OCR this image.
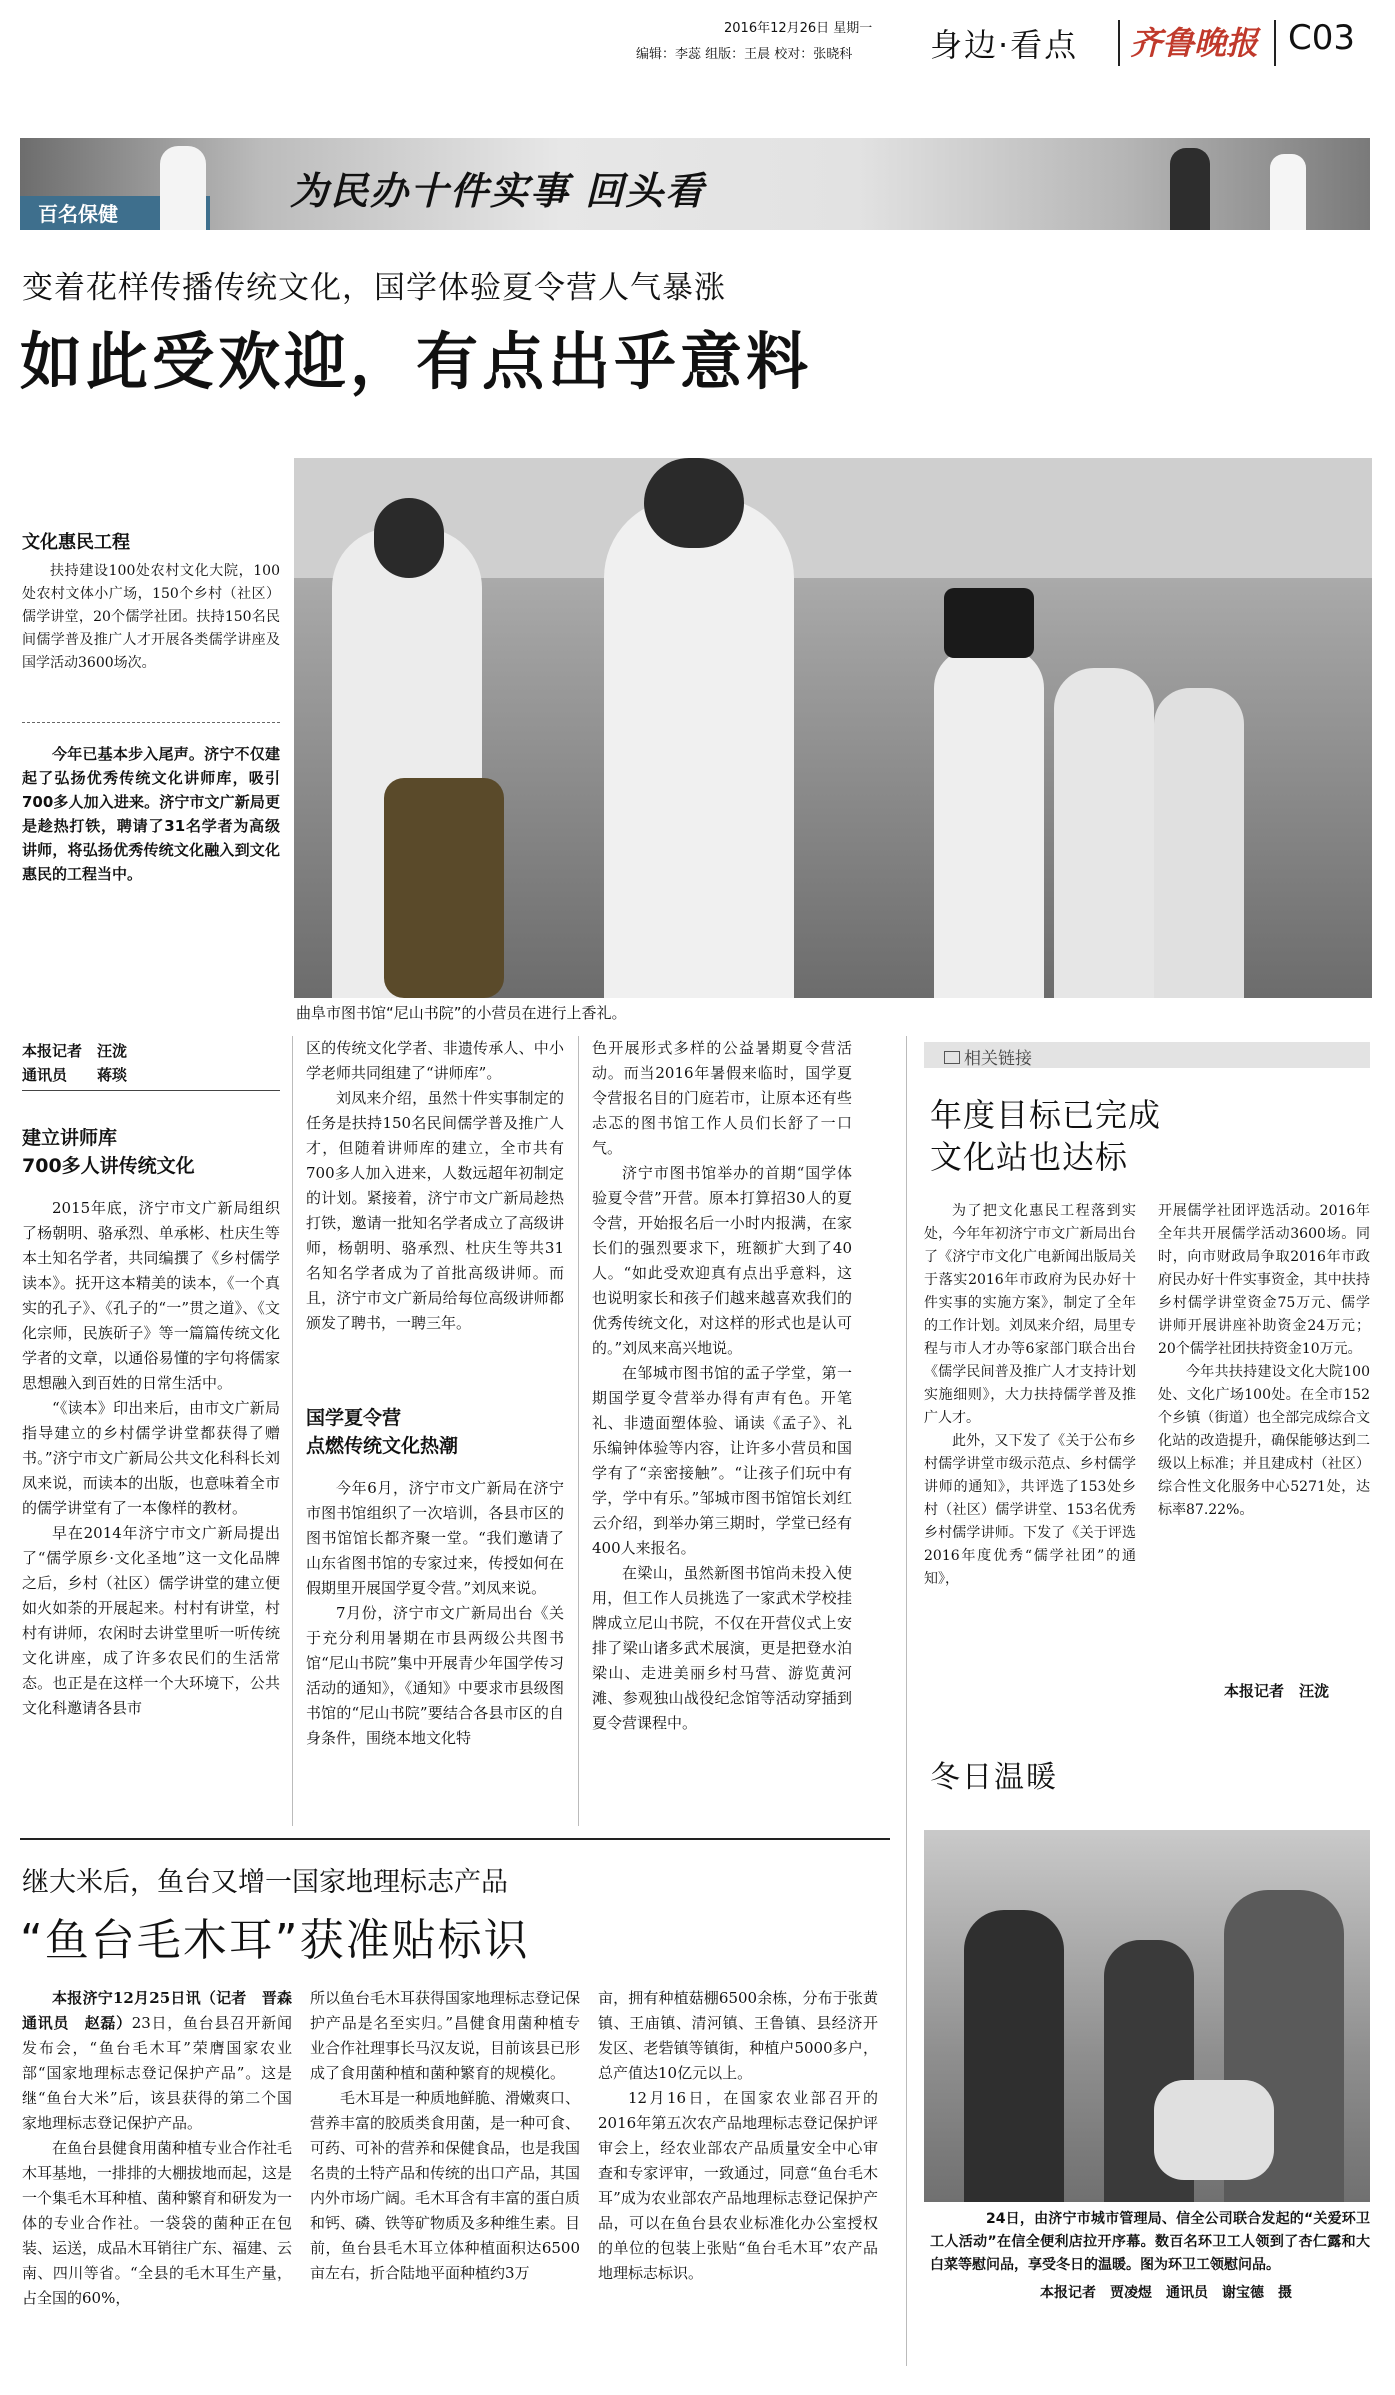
2016年12月26日 星期一
编辑：李蕊 组版：王晨 校对：张晓科 身边·看点 齐鲁晚报 C03
百名保健
为民办十件实事 回头看
变着花样传播传统文化，国学体验夏令营人气暴涨
如此受欢迎，有点出乎意料
文化惠民工程
扶持建设100处农村文化大院，100处农村文体小广场，150个乡村（社区）儒学讲堂，20个儒学社团。扶持150名民间儒学普及推广人才开展各类儒学讲座及国学活动3600场次。
今年已基本步入尾声。济宁不仅建起了弘扬优秀传统文化讲师库，吸引700多人加入进来。济宁市文广新局更是趁热打铁，聘请了31名学者为高级讲师，将弘扬优秀传统文化融入到文化惠民的工程当中。
曲阜市图书馆“尼山书院”的小营员在进行上香礼。
本报记者　汪泷
通讯员　　蒋琰
建立讲师库
700多人讲传统文化

2015年底，济宁市文广新局组织了杨朝明、骆承烈、单承彬、杜庆生等本土知名学者，共同编撰了《乡村儒学读本》。抚开这本精美的读本，《一个真实的孔子》、《孔子的“一”贯之道》、《文化宗师，民族斫子》等一篇篇传统文化学者的文章，以通俗易懂的字句将儒家思想融入到百姓的日常生活中。

“《读本》印出来后，由市文广新局指导建立的乡村儒学讲堂都获得了赠书。”济宁市文广新局公共文化科科长刘凤来说，而读本的出版，也意味着全市的儒学讲堂有了一本像样的教材。

早在2014年济宁市文广新局提出了“儒学原乡·文化圣地”这一文化品牌之后，乡村（社区）儒学讲堂的建立便如火如荼的开展起来。村村有讲堂，村村有讲师，农闲时去讲堂里听一听传统文化讲座，成了许多农民们的生活常态。也正是在这样一个大环境下，公共文化科邀请各县市

区的传统文化学者、非遗传承人、中小学老师共同组建了“讲师库”。

刘凤来介绍，虽然十件实事制定的任务是扶持150名民间儒学普及推广人才，但随着讲师库的建立，全市共有700多人加入进来，人数远超年初制定的计划。紧接着，济宁市文广新局趁热打铁，邀请一批知名学者成立了高级讲师，杨朝明、骆承烈、杜庆生等共31名知名学者成为了首批高级讲师。而且，济宁市文广新局给每位高级讲师都颁发了聘书，一聘三年。

国学夏令营
点燃传统文化热潮

今年6月，济宁市文广新局在济宁市图书馆组织了一次培训，各县市区的图书馆馆长都齐聚一堂。“我们邀请了山东省图书馆的专家过来，传授如何在假期里开展国学夏令营。”刘凤来说。

7月份，济宁市文广新局出台《关于充分利用暑期在市县两级公共图书馆“尼山书院”集中开展青少年国学传习活动的通知》，《通知》中要求市县级图书馆的“尼山书院”要结合各县市区的自身条件，围绕本地文化特

色开展形式多样的公益暑期夏令营活动。而当2016年暑假来临时，国学夏令营报名目的门庭若市，让原本还有些忐忑的图书馆工作人员们长舒了一口气。

济宁市图书馆举办的首期“国学体验夏令营”开营。原本打算招30人的夏令营，开始报名后一小时内报满，在家长们的强烈要求下，班额扩大到了40人。“如此受欢迎真有点出乎意料，这也说明家长和孩子们越来越喜欢我们的优秀传统文化，对这样的形式也是认可的。”刘凤来高兴地说。

在邹城市图书馆的孟子学堂，第一期国学夏令营举办得有声有色。开笔礼、非遗面塑体验、诵读《孟子》、礼乐编钟体验等内容，让许多小营员和国学有了“亲密接触”。“让孩子们玩中有学，学中有乐。”邹城市图书馆馆长刘红云介绍，到举办第三期时，学堂已经有400人来报名。

在梁山，虽然新图书馆尚未投入使用，但工作人员挑选了一家武术学校挂牌成立尼山书院，不仅在开营仪式上安排了梁山诸多武术展演，更是把登水泊梁山、走进美丽乡村马营、游览黄河滩、参观独山战役纪念馆等活动穿插到夏令营课程中。

相关链接
年度目标已完成
文化站也达标

为了把文化惠民工程落到实处，今年年初济宁市文广新局出台了《济宁市文化广电新闻出版局关于落实2016年市政府为民办好十件实事的实施方案》，制定了全年的工作计划。刘凤来介绍，局里专程与市人才办等6家部门联合出台《儒学民间普及推广人才支持计划实施细则》，大力扶持儒学普及推广人才。

此外，又下发了《关于公布乡村儒学讲堂市级示范点、乡村儒学讲师的通知》，共评选了153处乡村（社区）儒学讲堂、153名优秀乡村儒学讲师。下发了《关于评选2016年度优秀“儒学社团”的通知》，

开展儒学社团评选活动。2016年全年共开展儒学活动3600场。同时，向市财政局争取2016年市政府民办好十件实事资金，其中扶持乡村儒学讲堂资金75万元、儒学讲师开展讲座补助资金24万元；20个儒学社团扶持资金10万元。

今年共扶持建设文化大院100处、文化广场100处。在全市152个乡镇（街道）也全部完成综合文化站的改造提升，确保能够达到二级以上标准；并且建成村（社区）综合性文化服务中心5271处，达标率87.22%。

本报记者　汪泷
冬日温暖
24日，由济宁市城市管理局、信全公司联合发起的“关爱环卫工人活动”在信全便利店拉开序幕。数百名环卫工人领到了杏仁露和大白菜等慰问品，享受冬日的温暖。图为环卫工领慰问品。
本报记者　贾凌煜　通讯员　谢宝德　摄
继大米后，鱼台又增一国家地理标志产品
“鱼台毛木耳”获准贴标识

本报济宁12月25日讯（记者　晋森　通讯员　赵磊）23日，鱼台县召开新闻发布会，“鱼台毛木耳”荣膺国家农业部“国家地理标志登记保护产品”。这是继“鱼台大米”后，该县获得的第二个国家地理标志登记保护产品。

在鱼台县健食用菌种植专业合作社毛木耳基地，一排排的大棚拔地而起，这是一个集毛木耳种植、菌种繁育和研发为一体的专业合作社。一袋袋的菌种正在包装、运送，成品木耳销往广东、福建、云南、四川等省。“全县的毛木耳生产量，占全国的60%，

所以鱼台毛木耳获得国家地理标志登记保护产品是名至实归。”昌健食用菌种植专业合作社理事长马汉友说，目前该县已形成了食用菌种植和菌种繁育的规模化。

毛木耳是一种质地鲜脆、滑嫩爽口、营养丰富的胶质类食用菌，是一种可食、可药、可补的营养和保健食品，也是我国名贵的土特产品和传统的出口产品，其国内外市场广阔。毛木耳含有丰富的蛋白质和钙、磷、铁等矿物质及多种维生素。目前，鱼台县毛木耳立体种植面积达6500亩左右，折合陆地平面种植约3万

亩，拥有种植菇棚6500余栋，分布于张黄镇、王庙镇、清河镇、王鲁镇、县经济开发区、老砦镇等镇街，种植户5000多户，总产值达10亿元以上。

12月16日，在国家农业部召开的2016年第五次农产品地理标志登记保护评审会上，经农业部农产品质量安全中心审查和专家评审，一致通过，同意“鱼台毛木耳”成为农业部农产品地理标志登记保护产品，可以在鱼台县农业标准化办公室授权的单位的包装上张贴“鱼台毛木耳”农产品地理标志标识。
